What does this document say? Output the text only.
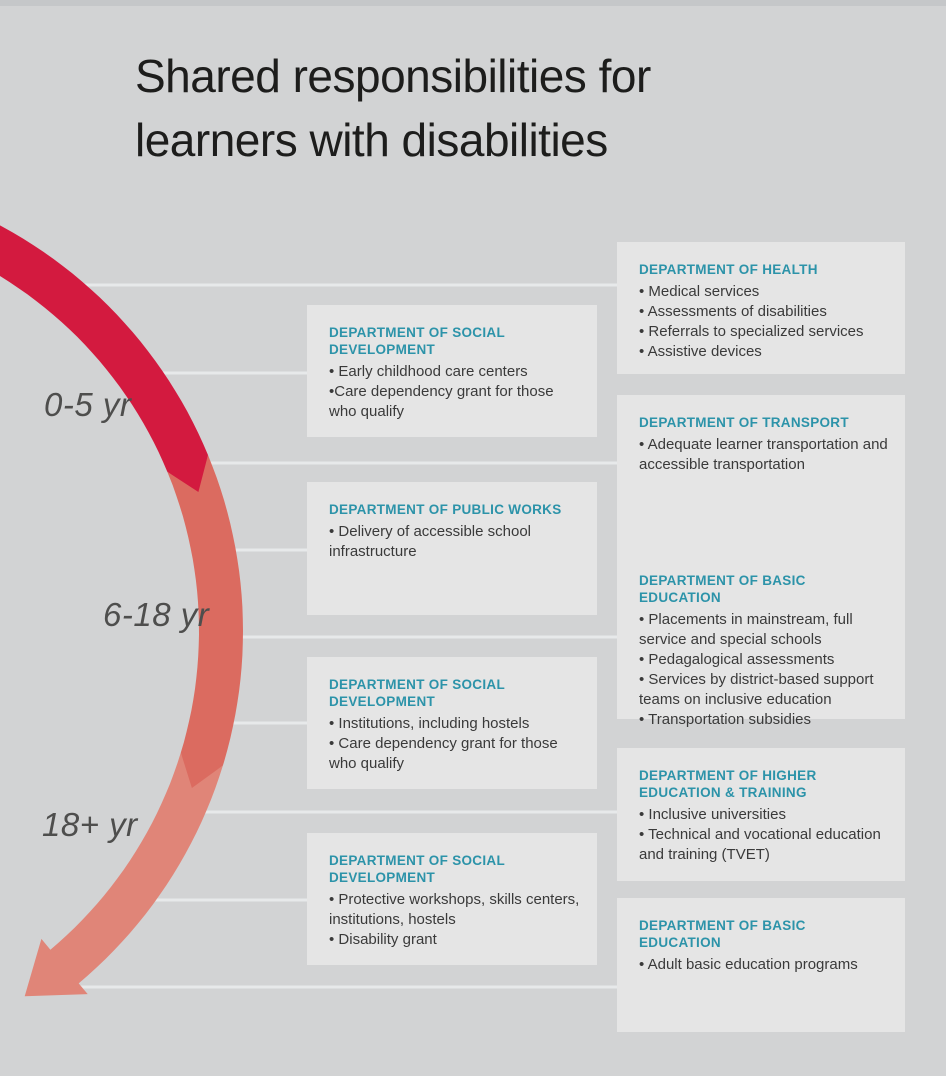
Shared responsibilities for
learners with disabilities
0-5 yr
6-18 yr
18+ yr
DEPARTMENT OF SOCIAL
DEVELOPMENT
• Early childhood care centers
•Care dependency grant for those who qualify
DEPARTMENT OF PUBLIC WORKS
• Delivery of accessible school infrastructure
DEPARTMENT OF SOCIAL
DEVELOPMENT
• Institutions, including hostels
• Care dependency grant for those who qualify
DEPARTMENT OF SOCIAL
DEVELOPMENT
• Protective workshops, skills centers, institutions, hostels
• Disability grant
DEPARTMENT OF HEALTH
• Medical services
• Assessments of disabilities
• Referrals to specialized services
• Assistive devices
DEPARTMENT OF TRANSPORT
• Adequate learner transportation and accessible transportation
DEPARTMENT OF BASIC EDUCATION
• Placements in mainstream, full service and special schools
• Pedagalogical assessments
• Services by district-based support teams on inclusive education
• Transportation subsidies
DEPARTMENT OF HIGHER
EDUCATION & TRAINING
• Inclusive universities
• Technical and vocational education and training (TVET)
DEPARTMENT OF BASIC
EDUCATION
• Adult basic education programs
